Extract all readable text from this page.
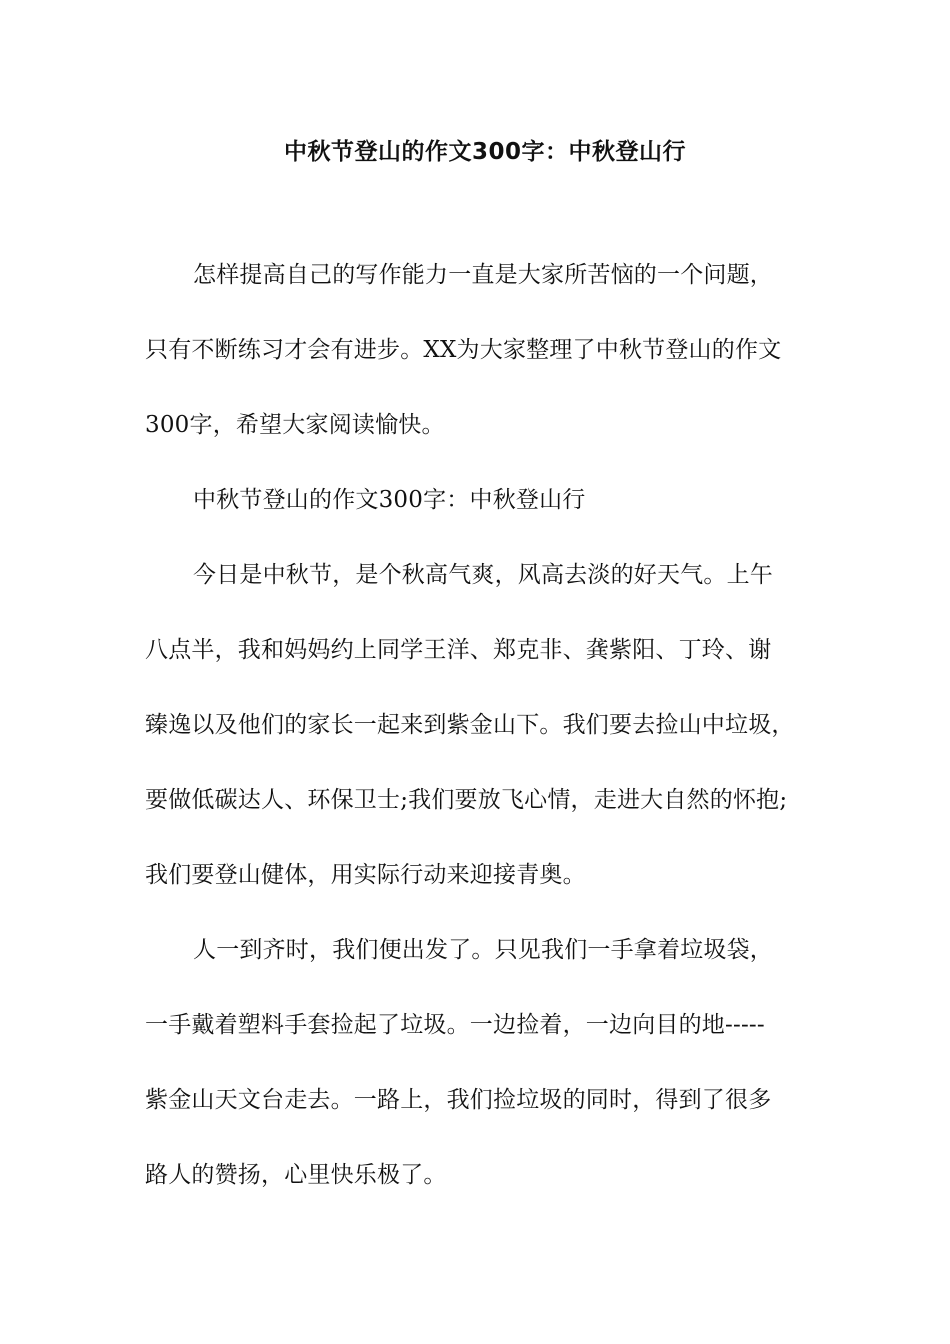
中秋节登山的作文300字：中秋登山行
怎样提高自己的写作能力一直是大家所苦恼的一个问题，
只有不断练习才会有进步。XX为大家整理了中秋节登山的作文
300字，希望大家阅读愉快。
中秋节登山的作文300字：中秋登山行
今日是中秋节，是个秋高气爽，风高去淡的好天气。上午
八点半，我和妈妈约上同学王洋、郑克非、龚紫阳、丁玲、谢
臻逸以及他们的家长一起来到紫金山下。我们要去捡山中垃圾，
要做低碳达人、环保卫士;我们要放飞心情，走进大自然的怀抱;
我们要登山健体，用实际行动来迎接青奥。
人一到齐时，我们便出发了。只见我们一手拿着垃圾袋，
一手戴着塑料手套捡起了垃圾。一边捡着，一边向目的地-----
紫金山天文台走去。一路上，我们捡垃圾的同时，得到了很多
路人的赞扬，心里快乐极了。
